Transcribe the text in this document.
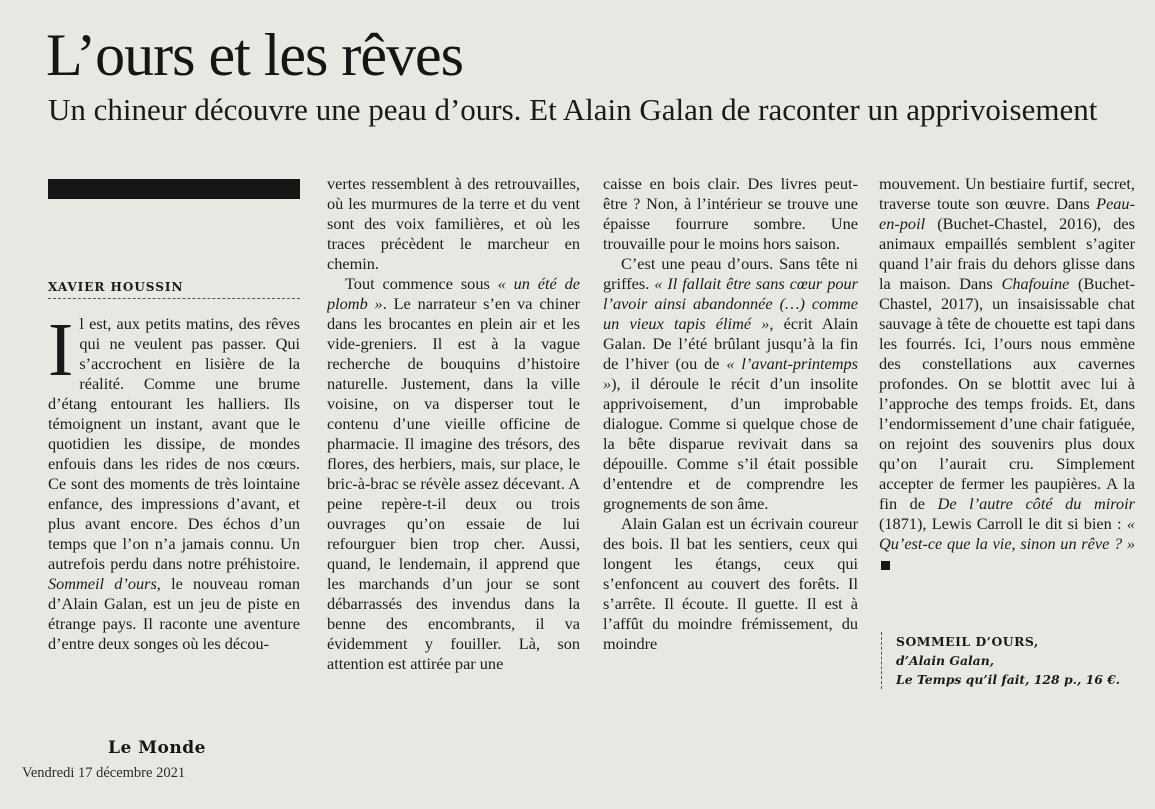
L’ours et les rêves
Un chineur découvre une peau d’ours. Et Alain Galan de raconter un apprivoisement
XAVIER HOUSSIN

Il est, aux petits matins, des rêves qui ne veulent pas passer. Qui s’accrochent en lisière de la réalité. Comme une brume d’étang entourant les halliers. Ils témoignent un instant, avant que le quotidien les dissipe, de mondes enfouis dans les rides de nos cœurs. Ce sont des moments de très lointaine enfance, des impressions d’avant, et plus avant encore. Des échos d’un temps que l’on n’a jamais connu. Un autrefois perdu dans notre préhistoire. Sommeil d’ours, le nouveau roman d’Alain Galan, est un jeu de piste en étrange pays. Il raconte une aventure d’entre deux songes où les décou-

vertes ressemblent à des retrouvailles, où les murmures de la terre et du vent sont des voix familières, et où les traces précèdent le marcheur en chemin.

Tout commence sous « un été de plomb ». Le narrateur s’en va chiner dans les brocantes en plein air et les vide-greniers. Il est à la vague recherche de bouquins d’histoire naturelle. Justement, dans la ville voisine, on va disperser tout le contenu d’une vieille officine de pharmacie. Il imagine des trésors, des flores, des herbiers, mais, sur place, le bric-à-brac se révèle assez décevant. A peine repère-t-il deux ou trois ouvrages qu’on essaie de lui refourguer bien trop cher. Aussi, quand, le lendemain, il apprend que les marchands d’un jour se sont débarrassés des invendus dans la benne des encombrants, il va évidemment y fouiller. Là, son attention est attirée par une

caisse en bois clair. Des livres peut-être ? Non, à l’intérieur se trouve une épaisse fourrure sombre. Une trouvaille pour le moins hors saison.

C’est une peau d’ours. Sans tête ni griffes. « Il fallait être sans cœur pour l’avoir ainsi abandonnée (…) comme un vieux tapis élimé », écrit Alain Galan. De l’été brûlant jusqu’à la fin de l’hiver (ou de « l’avant-printemps »), il déroule le récit d’un insolite apprivoisement, d’un improbable dialogue. Comme si quelque chose de la bête disparue revivait dans sa dépouille. Comme s’il était possible d’entendre et de comprendre les grognements de son âme.

Alain Galan est un écrivain coureur des bois. Il bat les sentiers, ceux qui longent les étangs, ceux qui s’enfoncent au couvert des forêts. Il s’arrête. Il écoute. Il guette. Il est à l’affût du moindre frémissement, du moindre

mouvement. Un bestiaire furtif, secret, traverse toute son œuvre. Dans Peau-en-poil (Buchet-Chastel, 2016), des animaux empaillés semblent s’agiter quand l’air frais du dehors glisse dans la maison. Dans Chafouine (Buchet-Chastel, 2017), un insaisissable chat sauvage à tête de chouette est tapi dans les fourrés. Ici, l’ours nous emmène des constellations aux cavernes profondes. On se blottit avec lui à l’approche des temps froids. Et, dans l’endormissement d’une chair fatiguée, on rejoint des souvenirs plus doux qu’on l’aurait cru. Simplement accepter de fermer les paupières. A la fin de De l’autre côté du miroir (1871), Lewis Carroll le dit si bien : « Qu’est-ce que la vie, sinon un rêve ? »

SOMMEIL D’OURS,
d’Alain Galan,
Le Temps qu’il fait, 128 p., 16 €.
Le Monde
Vendredi 17 décembre 2021
